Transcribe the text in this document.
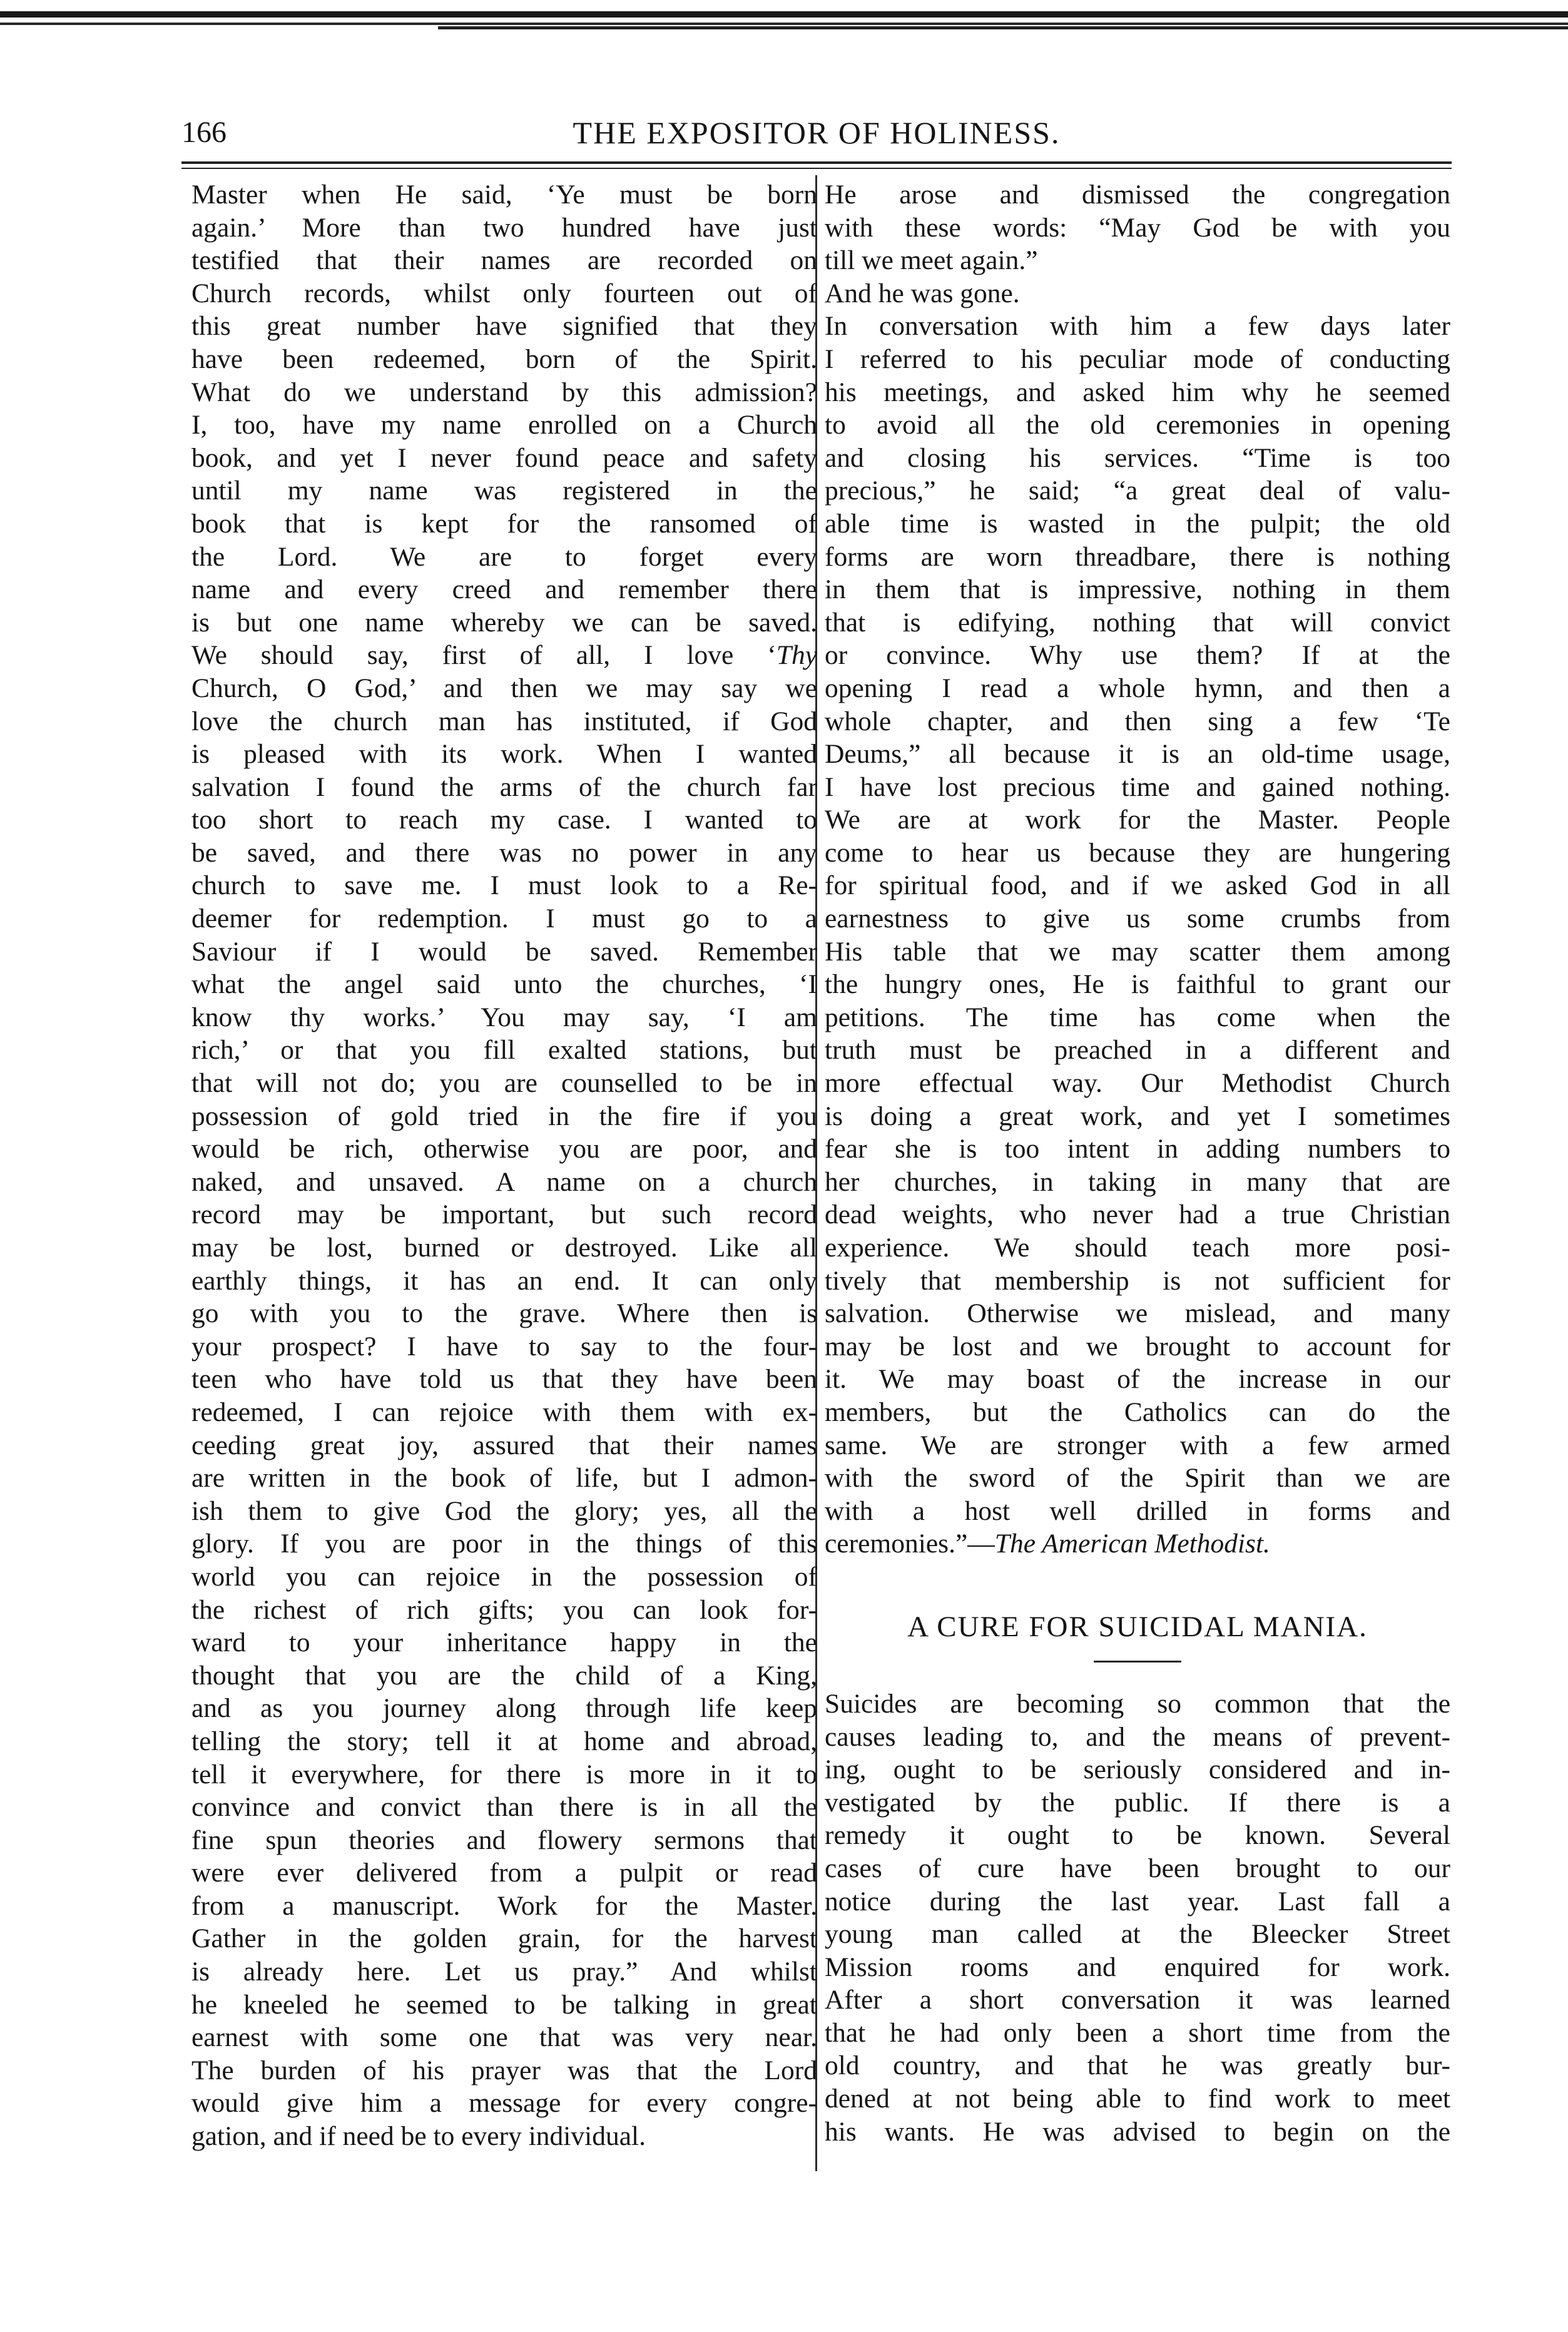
166	THE EXPOSITOR OF HOLINESS.
Master when He said, ‘Ye must be born
again.’ More than two hundred have just
testified that their names are recorded on
Church records, whilst only fourteen out of
this great number have signified that they
have been redeemed, born of the Spirit.
What do we understand by this admission?
I, too, have my name enrolled on a Church
book, and yet I never found peace and safety
until my name was registered in the
book that is kept for the ransomed of
the Lord. We are to forget every
name and every creed and remember there
is but one name whereby we can be saved.
We should say, first of all, I love ‘Thy
Church, O God,’ and then we may say we
love the church man has instituted, if God
is pleased with its work. When I wanted
salvation I found the arms of the church far
too short to reach my case. I wanted to
be saved, and there was no power in any
church to save me. I must look to a Re-
deemer for redemption. I must go to a
Saviour if I would be saved. Remember
what the angel said unto the churches, ‘I
know thy works.’ You may say, ‘I am
rich,’ or that you fill exalted stations, but
that will not do; you are counselled to be in
possession of gold tried in the fire if you
would be rich, otherwise you are poor, and
naked, and unsaved. A name on a church
record may be important, but such record
may be lost, burned or destroyed. Like all
earthly things, it has an end. It can only
go with you to the grave. Where then is
your prospect? I have to say to the four-
teen who have told us that they have been
redeemed, I can rejoice with them with ex-
ceeding great joy, assured that their names
are written in the book of life, but I admon-
ish them to give God the glory; yes, all the
glory. If you are poor in the things of this
world you can rejoice in the possession of
the richest of rich gifts; you can look for-
ward to your inheritance happy in the
thought that you are the child of a King,
and as you journey along through life keep
telling the story; tell it at home and abroad,
tell it everywhere, for there is more in it to
convince and convict than there is in all the
fine spun theories and flowery sermons that
were ever delivered from a pulpit or read
from a manuscript. Work for the Master.
Gather in the golden grain, for the harvest
is already here. Let us pray.” And whilst
he kneeled he seemed to be talking in great
earnest with some one that was very near.
The burden of his prayer was that the Lord
would give him a message for every congre-
gation, and if need be to every individual.
He arose and dismissed the congregation
with these words: “May God be with you
till we meet again.”
And he was gone.
In conversation with him a few days later
I referred to his peculiar mode of conducting
his meetings, and asked him why he seemed
to avoid all the old ceremonies in opening
and closing his services. “Time is too
precious,” he said; “a great deal of valu-
able time is wasted in the pulpit; the old
forms are worn threadbare, there is nothing
in them that is impressive, nothing in them
that is edifying, nothing that will convict
or convince. Why use them? If at the
opening I read a whole hymn, and then a
whole chapter, and then sing a few ‘Te
Deums,” all because it is an old-time usage,
I have lost precious time and gained nothing.
We are at work for the Master. People
come to hear us because they are hungering
for spiritual food, and if we asked God in all
earnestness to give us some crumbs from
His table that we may scatter them among
the hungry ones, He is faithful to grant our
petitions. The time has come when the
truth must be preached in a different and
more effectual way. Our Methodist Church
is doing a great work, and yet I sometimes
fear she is too intent in adding numbers to
her churches, in taking in many that are
dead weights, who never had a true Christian
experience. We should teach more posi-
tively that membership is not sufficient for
salvation. Otherwise we mislead, and many
may be lost and we brought to account for
it. We may boast of the increase in our
members, but the Catholics can do the
same. We are stronger with a few armed
with the sword of the Spirit than we are
with a host well drilled in forms and
ceremonies.”—The American Methodist.
A CURE FOR SUICIDAL MANIA.
Suicides are becoming so common that the
causes leading to, and the means of prevent-
ing, ought to be seriously considered and in-
vestigated by the public. If there is a
remedy it ought to be known. Several
cases of cure have been brought to our
notice during the last year. Last fall a
young man called at the Bleecker Street
Mission rooms and enquired for work.
After a short conversation it was learned
that he had only been a short time from the
old country, and that he was greatly bur-
dened at not being able to find work to meet
his wants. He was advised to begin on the
